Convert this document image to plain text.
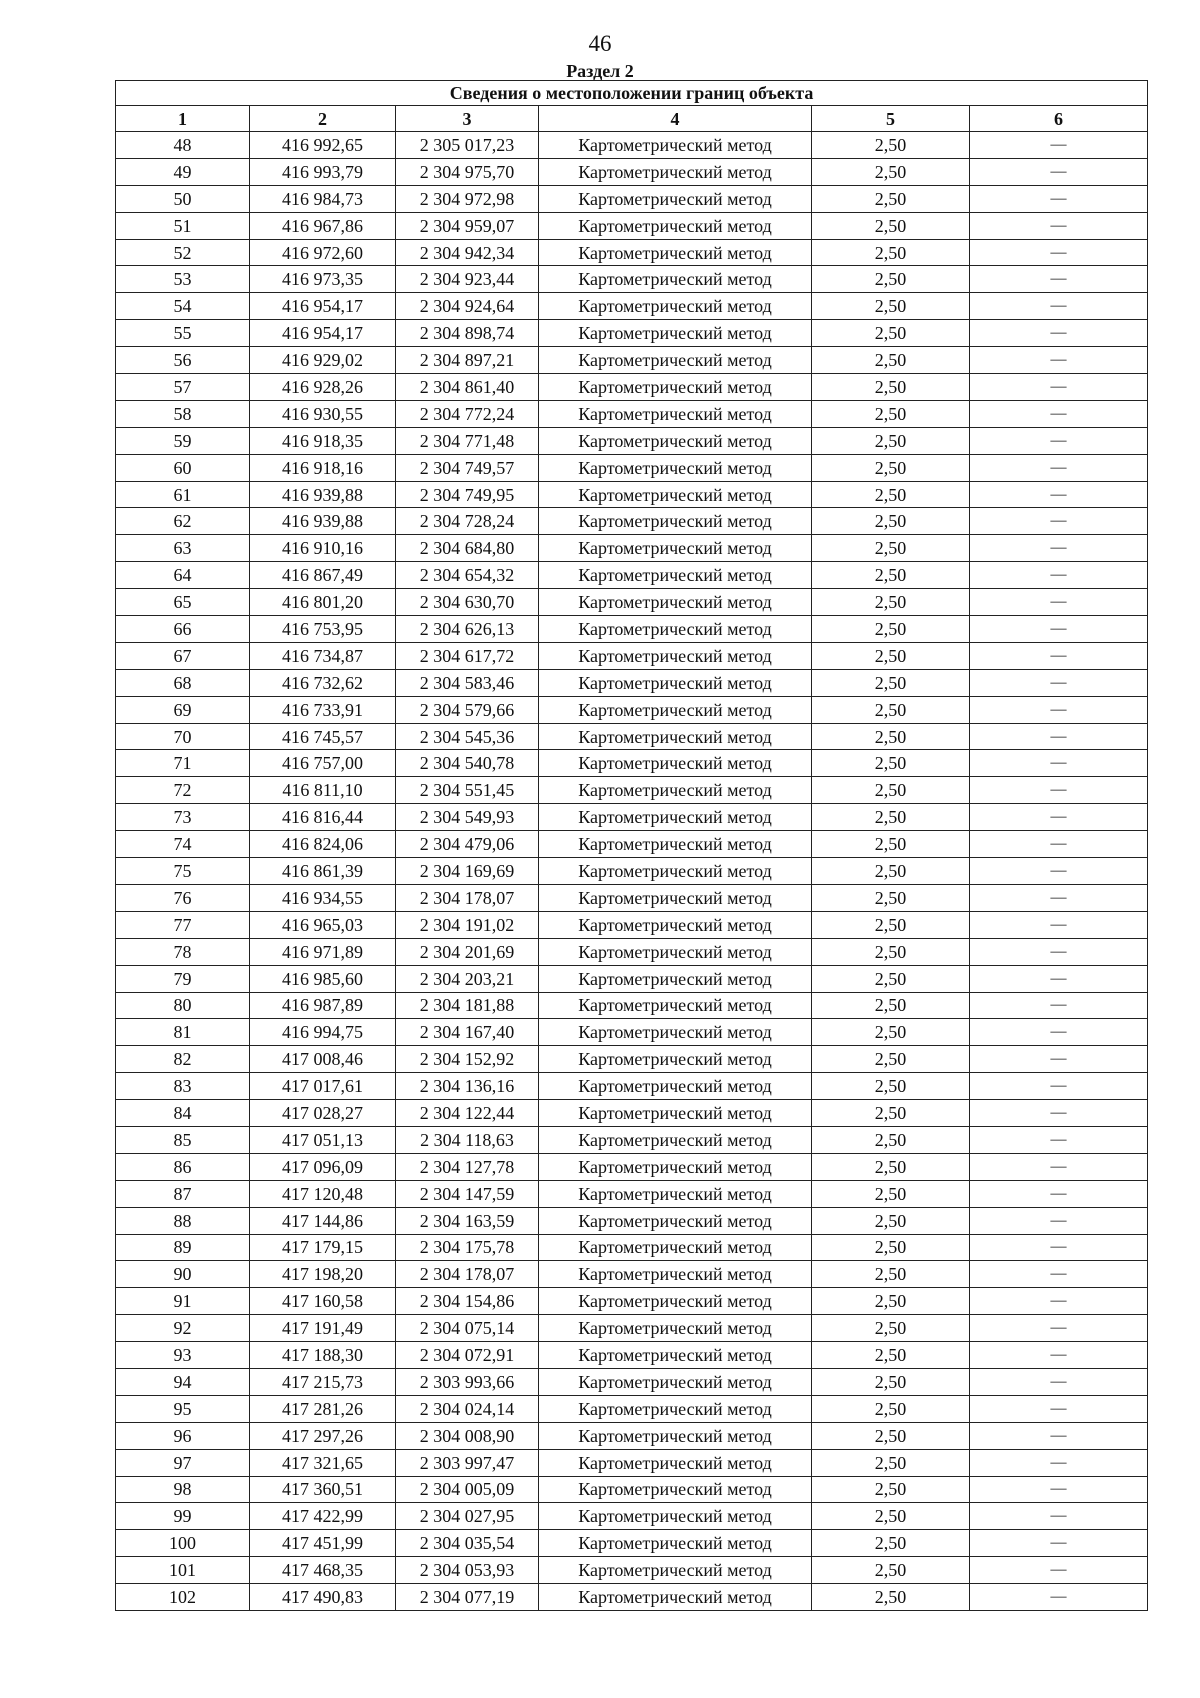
46
Раздел 2
Сведения о местоположении границ объекта					
1	2	3	4	5	6
48	416 992,65	2 305 017,23	Картометрический метод	2,50	—
49	416 993,79	2 304 975,70	Картометрический метод	2,50	—
50	416 984,73	2 304 972,98	Картометрический метод	2,50	—
51	416 967,86	2 304 959,07	Картометрический метод	2,50	—
52	416 972,60	2 304 942,34	Картометрический метод	2,50	—
53	416 973,35	2 304 923,44	Картометрический метод	2,50	—
54	416 954,17	2 304 924,64	Картометрический метод	2,50	—
55	416 954,17	2 304 898,74	Картометрический метод	2,50	—
56	416 929,02	2 304 897,21	Картометрический метод	2,50	—
57	416 928,26	2 304 861,40	Картометрический метод	2,50	—
58	416 930,55	2 304 772,24	Картометрический метод	2,50	—
59	416 918,35	2 304 771,48	Картометрический метод	2,50	—
60	416 918,16	2 304 749,57	Картометрический метод	2,50	—
61	416 939,88	2 304 749,95	Картометрический метод	2,50	—
62	416 939,88	2 304 728,24	Картометрический метод	2,50	—
63	416 910,16	2 304 684,80	Картометрический метод	2,50	—
64	416 867,49	2 304 654,32	Картометрический метод	2,50	—
65	416 801,20	2 304 630,70	Картометрический метод	2,50	—
66	416 753,95	2 304 626,13	Картометрический метод	2,50	—
67	416 734,87	2 304 617,72	Картометрический метод	2,50	—
68	416 732,62	2 304 583,46	Картометрический метод	2,50	—
69	416 733,91	2 304 579,66	Картометрический метод	2,50	—
70	416 745,57	2 304 545,36	Картометрический метод	2,50	—
71	416 757,00	2 304 540,78	Картометрический метод	2,50	—
72	416 811,10	2 304 551,45	Картометрический метод	2,50	—
73	416 816,44	2 304 549,93	Картометрический метод	2,50	—
74	416 824,06	2 304 479,06	Картометрический метод	2,50	—
75	416 861,39	2 304 169,69	Картометрический метод	2,50	—
76	416 934,55	2 304 178,07	Картометрический метод	2,50	—
77	416 965,03	2 304 191,02	Картометрический метод	2,50	—
78	416 971,89	2 304 201,69	Картометрический метод	2,50	—
79	416 985,60	2 304 203,21	Картометрический метод	2,50	—
80	416 987,89	2 304 181,88	Картометрический метод	2,50	—
81	416 994,75	2 304 167,40	Картометрический метод	2,50	—
82	417 008,46	2 304 152,92	Картометрический метод	2,50	—
83	417 017,61	2 304 136,16	Картометрический метод	2,50	—
84	417 028,27	2 304 122,44	Картометрический метод	2,50	—
85	417 051,13	2 304 118,63	Картометрический метод	2,50	—
86	417 096,09	2 304 127,78	Картометрический метод	2,50	—
87	417 120,48	2 304 147,59	Картометрический метод	2,50	—
88	417 144,86	2 304 163,59	Картометрический метод	2,50	—
89	417 179,15	2 304 175,78	Картометрический метод	2,50	—
90	417 198,20	2 304 178,07	Картометрический метод	2,50	—
91	417 160,58	2 304 154,86	Картометрический метод	2,50	—
92	417 191,49	2 304 075,14	Картометрический метод	2,50	—
93	417 188,30	2 304 072,91	Картометрический метод	2,50	—
94	417 215,73	2 303 993,66	Картометрический метод	2,50	—
95	417 281,26	2 304 024,14	Картометрический метод	2,50	—
96	417 297,26	2 304 008,90	Картометрический метод	2,50	—
97	417 321,65	2 303 997,47	Картометрический метод	2,50	—
98	417 360,51	2 304 005,09	Картометрический метод	2,50	—
99	417 422,99	2 304 027,95	Картометрический метод	2,50	—
100	417 451,99	2 304 035,54	Картометрический метод	2,50	—
101	417 468,35	2 304 053,93	Картометрический метод	2,50	—
102	417 490,83	2 304 077,19	Картометрический метод	2,50	—
